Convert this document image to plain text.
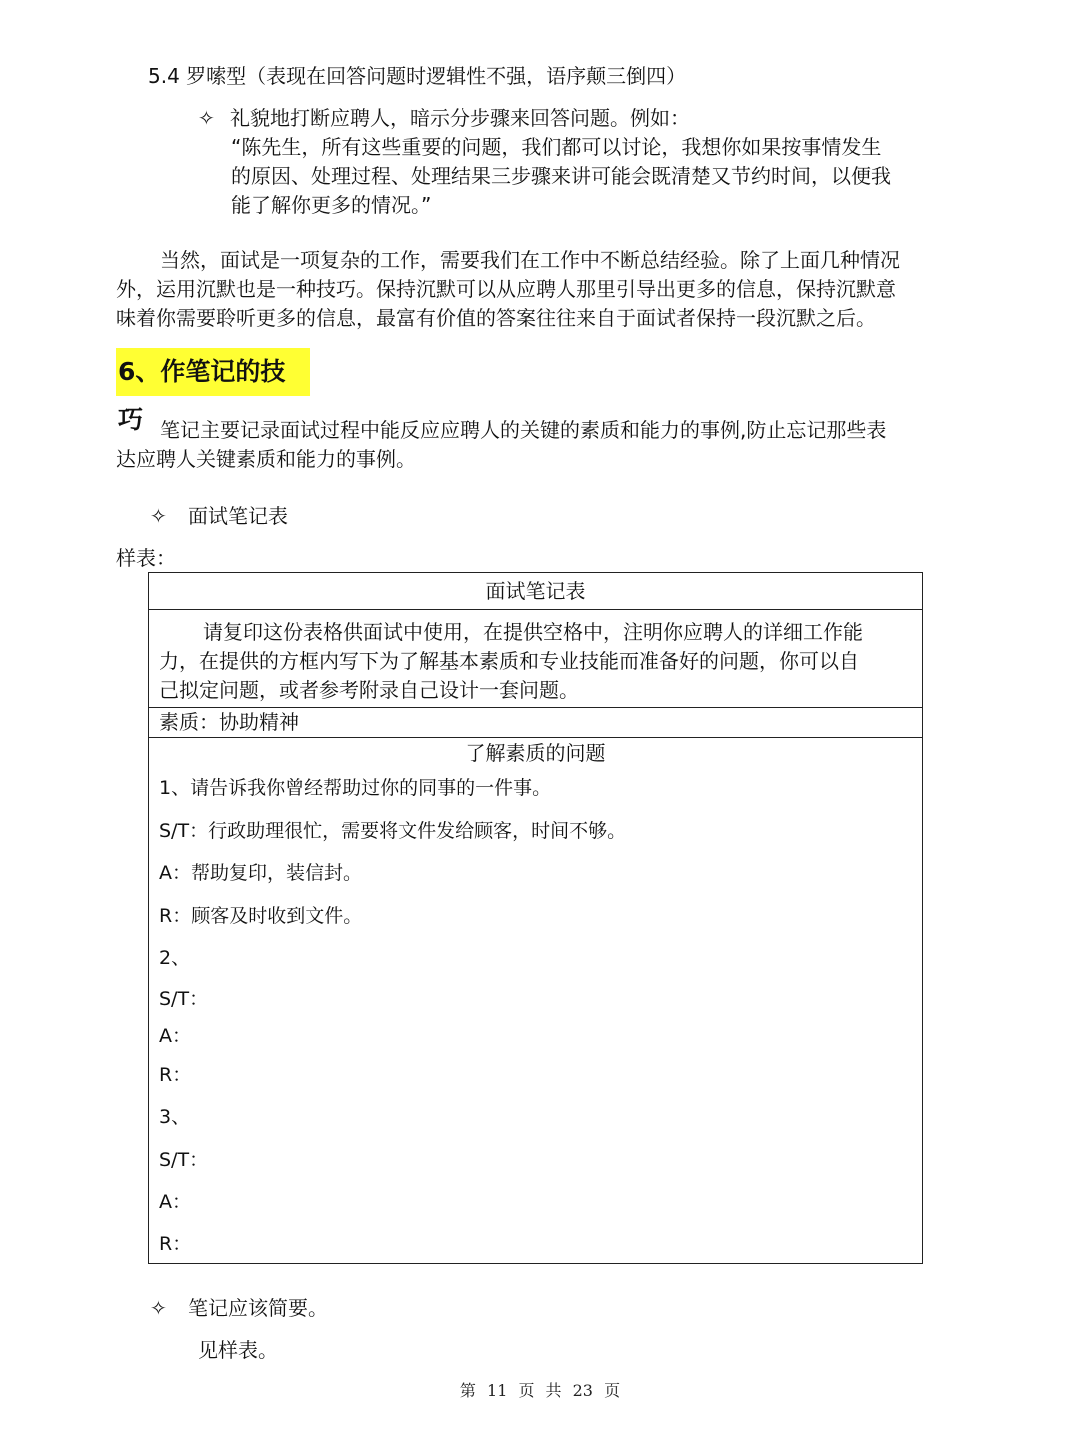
5.4 罗嗦型（表现在回答问题时逻辑性不强，语序颠三倒四）
✧ 礼貌地打断应聘人，暗示分步骤来回答问题。例如：
“陈先生，所有这些重要的问题，我们都可以讨论，我想你如果按事情发生
的原因、处理过程、处理结果三步骤来讲可能会既清楚又节约时间，以便我
能了解你更多的情况。”
当然，面试是一项复杂的工作，需要我们在工作中不断总结经验。除了上面几种情况
外，运用沉默也是一种技巧。保持沉默可以从应聘人那里引导出更多的信息，保持沉默意
味着你需要聆听更多的信息，最富有价值的答案往往来自于面试者保持一段沉默之后。
6、作笔记的技巧 笔记主要记录面试过程中能反应应聘人的关键的素质和能力的事例,防止忘记那些表
达应聘人关键素质和能力的事例。
✧ 面试笔记表
样表：
面试笔记表
请复印这份表格供面试中使用，在提供空格中，注明你应聘人的详细工作能
力，在提供的方框内写下为了解基本素质和专业技能而准备好的问题，你可以自
己拟定问题，或者参考附录自己设计一套问题。
素质：协助精神
了解素质的问题
1、请告诉我你曾经帮助过你的同事的一件事。
S/T：行政助理很忙，需要将文件发给顾客，时间不够。
A：帮助复印，装信封。
R：顾客及时收到文件。
2、
S/T：
A：
R：
3、
S/T：
A：
R：
✧ 笔记应该简要。
见样表。
第 11 页 共 23 页
